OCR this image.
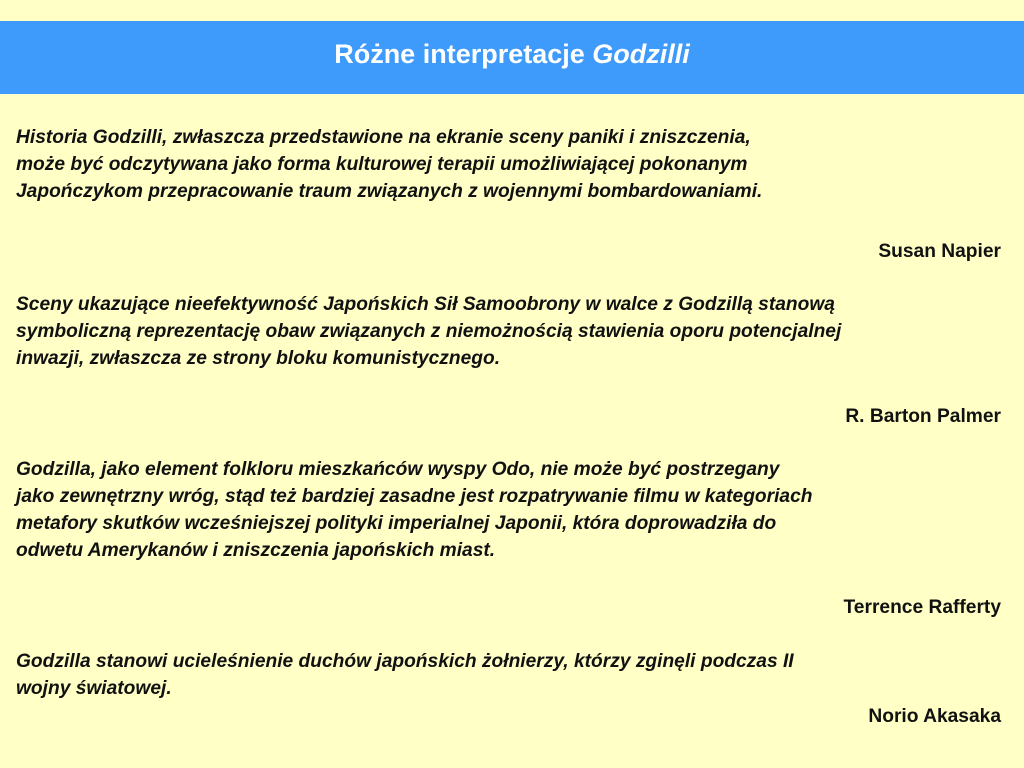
Różne interpretacje Godzilli

Historia Godzilli, zwłaszcza przedstawione na ekranie sceny paniki i zniszczenia,
może być odczytywana jako forma kulturowej terapii umożliwiającej pokonanym
Japończykom przepracowanie traum związanych z wojennymi bombardowaniami.

Susan Napier

Sceny ukazujące nieefektywność Japońskich Sił Samoobrony w walce z Godzillą stanową
symboliczną reprezentację obaw związanych z niemożnością stawienia oporu potencjalnej
inwazji, zwłaszcza ze strony bloku komunistycznego.

R. Barton Palmer

Godzilla, jako element folkloru mieszkańców wyspy Odo, nie może być postrzegany
jako zewnętrzny wróg, stąd też bardziej zasadne jest rozpatrywanie filmu w kategoriach
metafory skutków wcześniejszej polityki imperialnej Japonii, która doprowadziła do
odwetu Amerykanów i zniszczenia japońskich miast.

Terrence Rafferty

Godzilla stanowi ucieleśnienie duchów japońskich żołnierzy, którzy zginęli podczas II
wojny światowej.

Norio Akasaka
